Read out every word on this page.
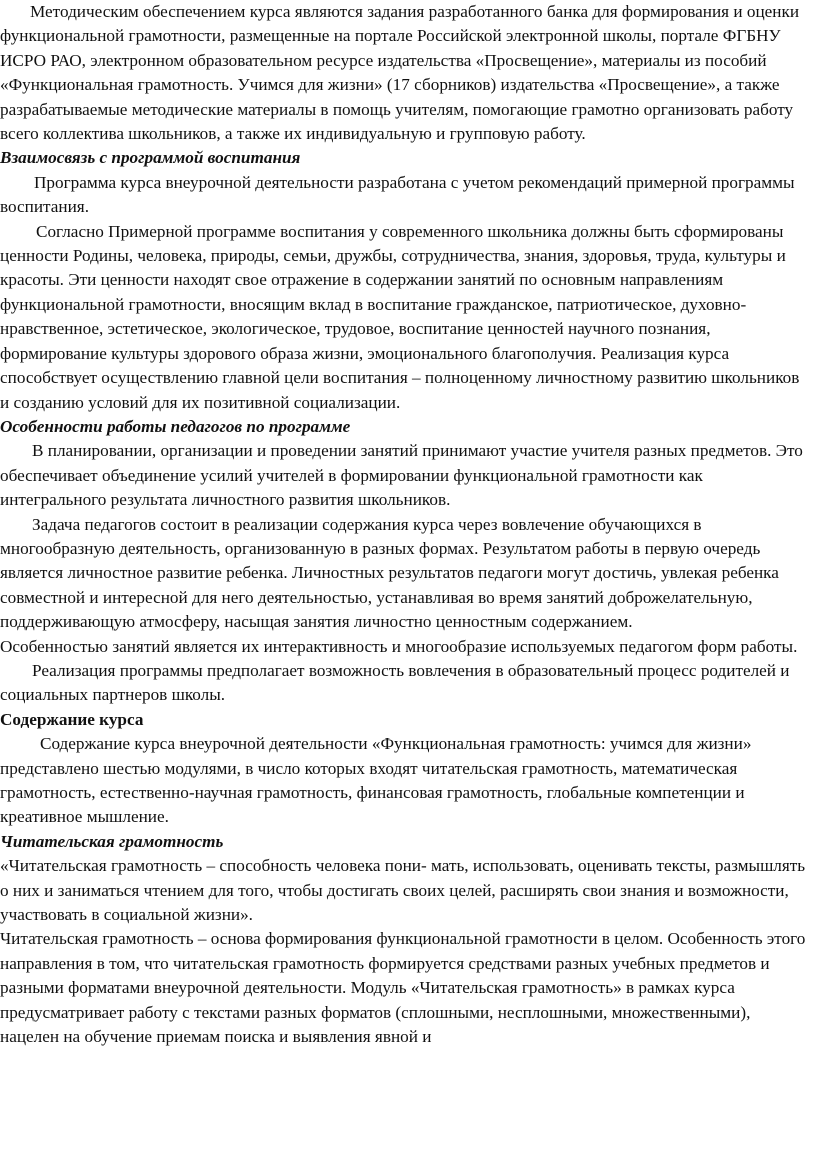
Методическим обеспечением курса являются задания разработанного банка для формирования и оценки функциональной грамотности, размещенные на портале Российской электронной школы, портале ФГБНУ ИСРО РАО, электронном образовательном ресурсе издательства «Просвещение», материалы из пособий «Функциональная грамотность. Учимся для жизни» (17 сборников) издательства «Просвещение», а также разрабатываемые методические материалы в помощь учителям, помогающие грамотно организовать работу всего коллектива школьников, а также их индивидуальную и групповую работу.

Взаимосвязь с программой воспитания

Программа курса внеурочной деятельности разработана с учетом рекомендаций примерной программы воспитания.

Согласно Примерной программе воспитания у современного школьника должны быть сформированы ценности Родины, человека, природы, семьи, дружбы, сотрудничества, знания, здоровья, труда, культуры и красоты. Эти ценности находят свое отражение в содержании занятий по основным направлениям функциональной грамотности, вносящим вклад в воспитание гражданское, патриотическое, духовно-нравственное, эстетическое, экологическое, трудовое, воспитание ценностей научного познания, формирование культуры здорового образа жизни, эмоционального благополучия. Реализация курса способствует осуществлению главной цели воспитания – полноценному личностному развитию школьников и созданию условий для их позитивной социализации.

Особенности работы педагогов по программе

В планировании, организации и проведении занятий принимают участие учителя разных предметов. Это обеспечивает объединение усилий учителей в формировании функциональной грамотности как интегрального результата личностного развития школьников.

Задача педагогов состоит в реализации содержания курса через вовлечение обучающихся в многообразную деятельность, организованную в разных формах. Результатом работы в первую очередь является личностное развитие ребенка. Личностных результатов педагоги могут достичь, увлекая ребенка совместной и интересной для него деятельностью, устанавливая во время занятий доброжелательную, поддерживающую атмосферу, насыщая занятия личностно ценностным содержанием.

Особенностью занятий является их интерактивность и многообразие используемых педагогом форм работы.

Реализация программы предполагает возможность вовлечения в образовательный процесс родителей и социальных партнеров школы.

Содержание курса

Содержание курса внеурочной деятельности «Функциональная грамотность: учимся для жизни» представлено шестью модулями, в число которых входят читательская грамотность, математическая грамотность, естественно-научная грамотность, финансовая грамотность, глобальные компетенции и креативное мышление.

Читательская грамотность

«Читательская грамотность – способность человека пони- мать, использовать, оценивать тексты, размышлять о них и заниматься чтением для того, чтобы достигать своих целей, расширять свои знания и возможности, участвовать в социальной жизни».

Читательская грамотность – основа формирования функциональной грамотности в целом. Особенность этого направления в том, что читательская грамотность формируется средствами разных учебных предметов и разными форматами внеурочной деятельности. Модуль «Читательская грамотность» в рамках курса предусматривает работу с текстами разных форматов (сплошными, несплошными, множественными), нацелен на обучение приемам поиска и выявления явной и
